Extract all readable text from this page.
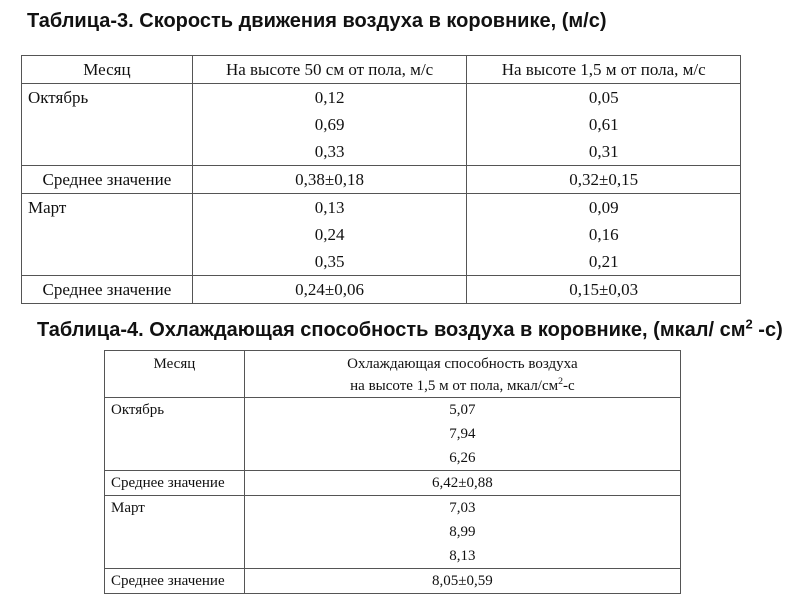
Таблица-3. Скорость движения воздуха в коровнике, (м/с)
Месяц	На высоте 50 см от пола, м/с	На высоте 1,5 м от пола, м/с
Октябрь	0,12	0,05
	0,69	0,61
	0,33	0,31
Среднее значение	0,38±0,18	0,32±0,15
Март	0,13	0,09
	0,24	0,16
	0,35	0,21
Среднее значение	0,24±0,06	0,15±0,03
Таблица-4. Охлаждающая способность воздуха в коровнике, (мкал/ $см^2$ -с)
Месяц	Охлаждающая способность воздуха
на высоте 1,5 м от пола, мкал/$см^2-с$

Октябрь	5,07
	7,94
	6,26
Среднее значение	6,42±0,88
Март	7,03
	8,99
	8,13
Среднее значение	8,05±0,59
